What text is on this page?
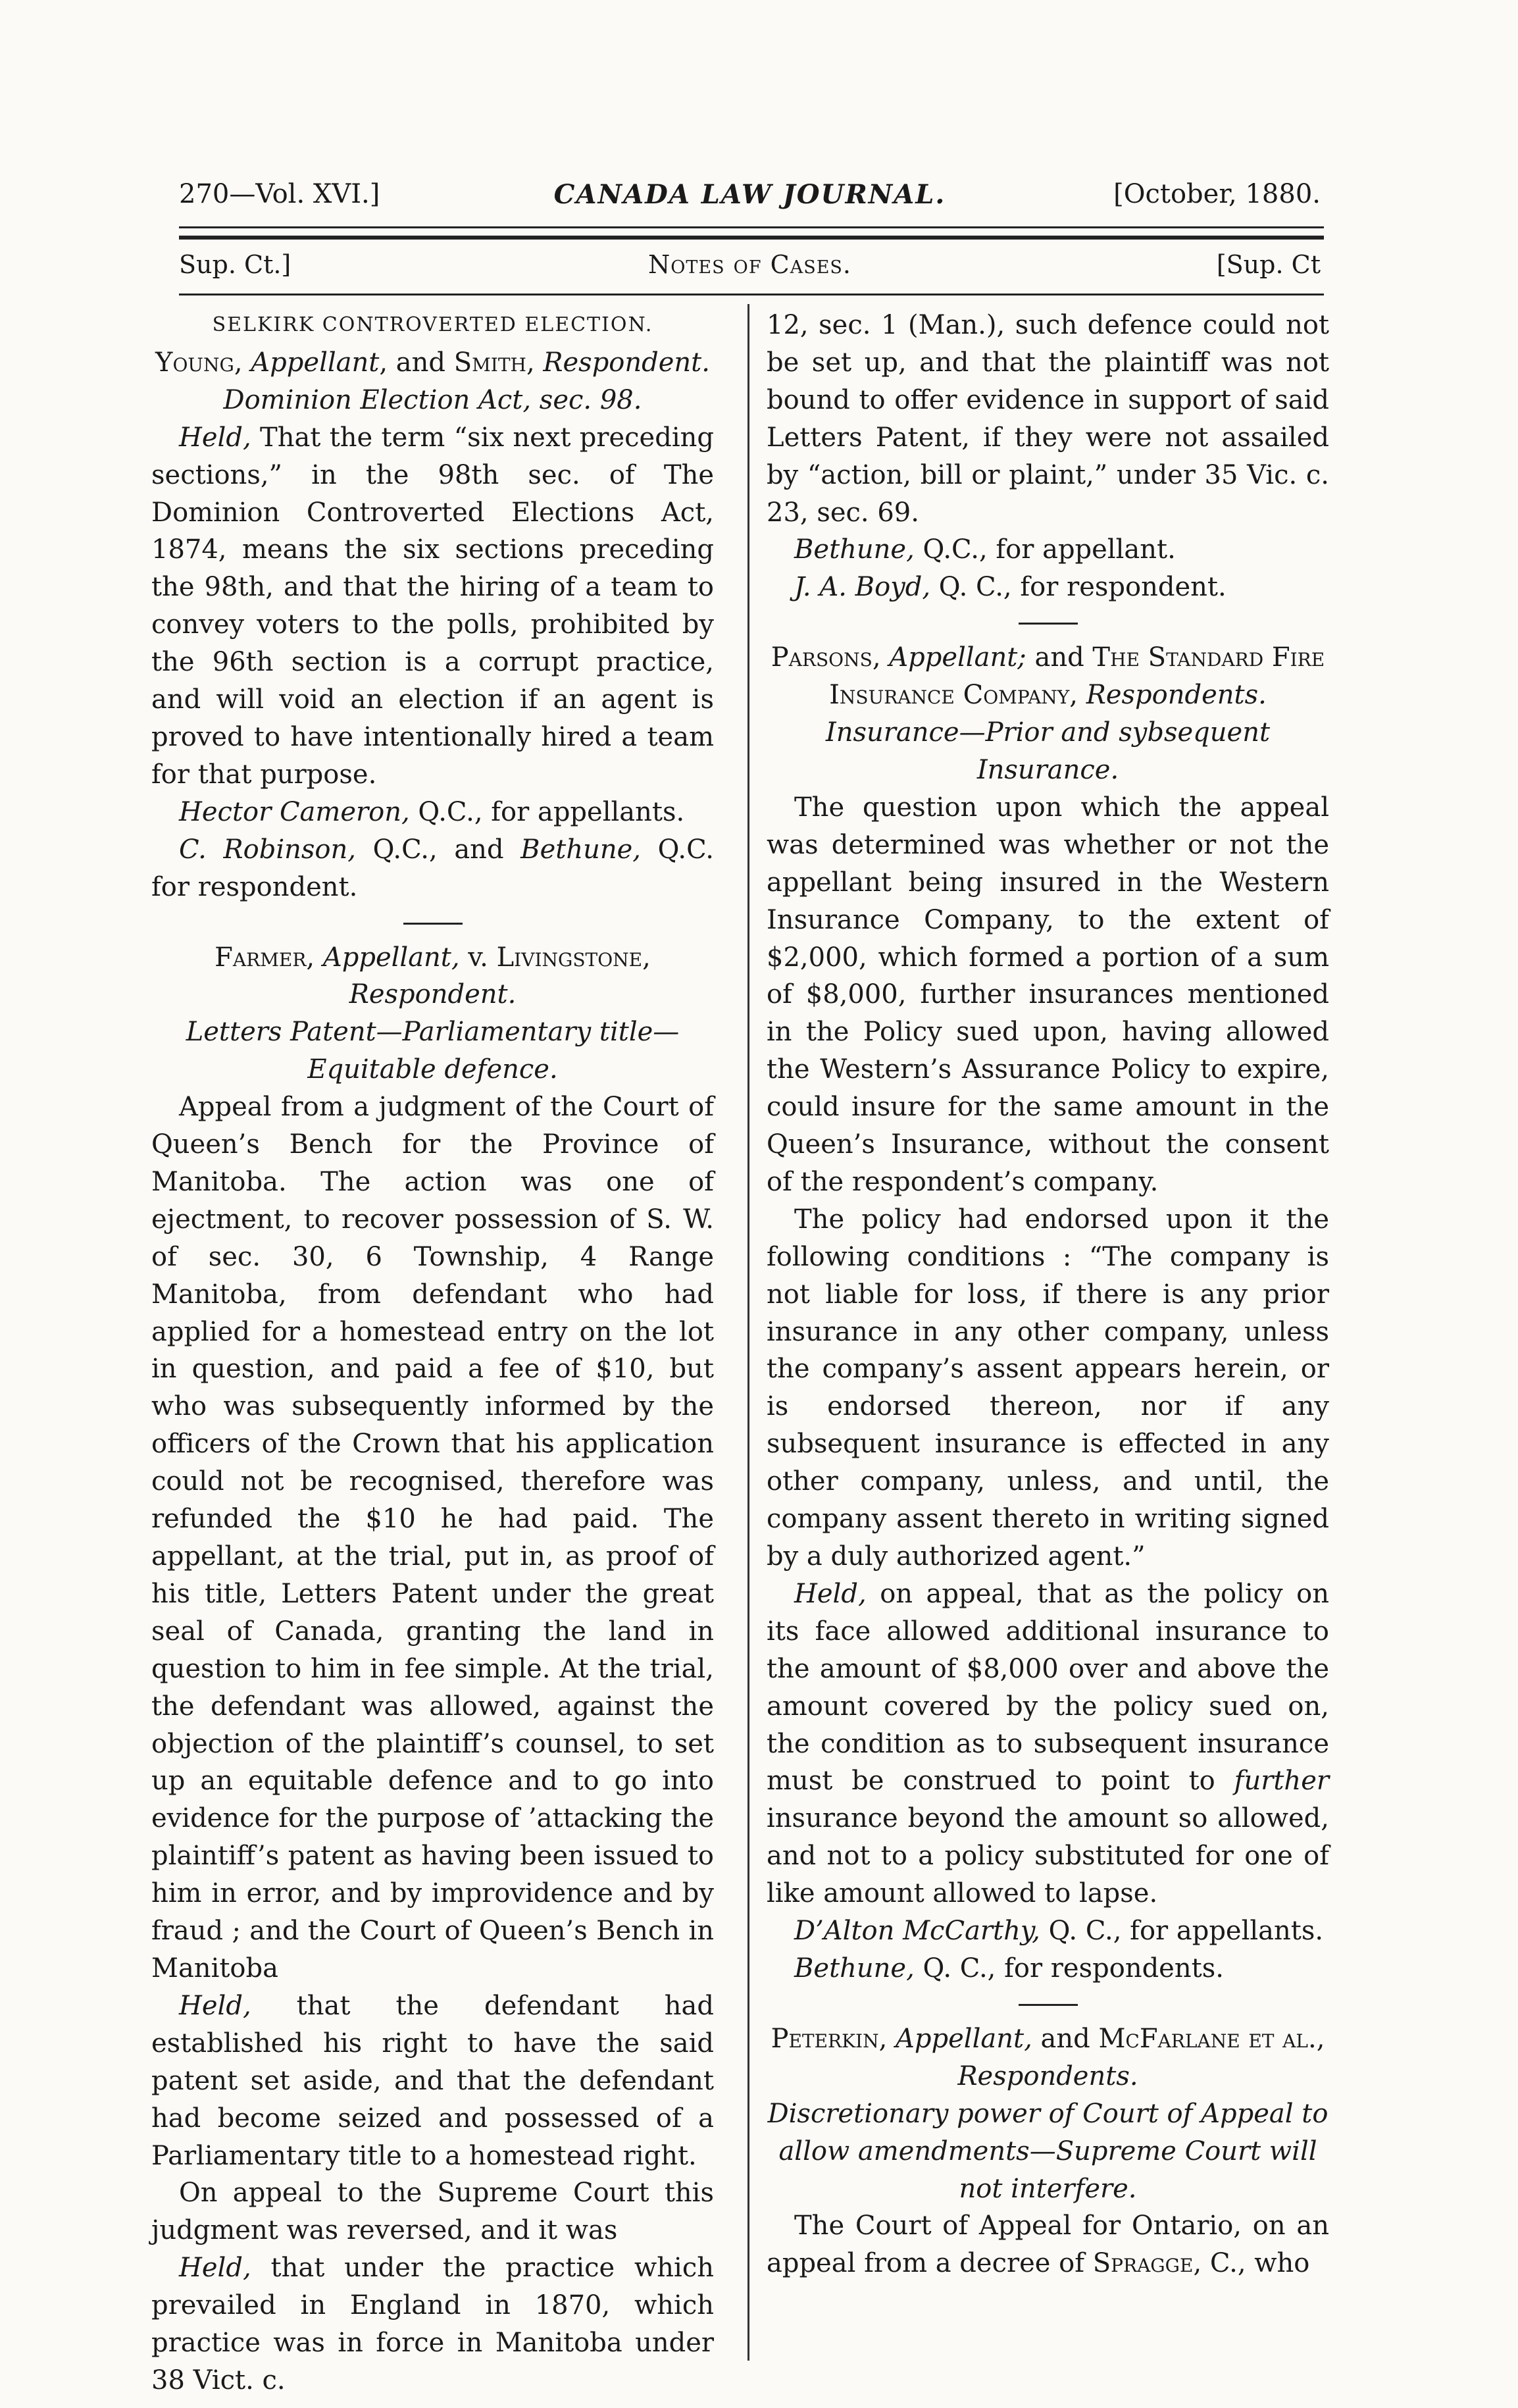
270—Vol. XVI.]	CANADA LAW JOURNAL.	[October, 1880.
Sup. Ct.]	Notes of Cases.	[Sup. Ct

SELKIRK CONTROVERTED ELECTION.

Young, Appellant, and Smith, Respondent.

Dominion Election Act, sec. 98.

Held, That the term “six next preceding sections,” in the 98th sec. of The Dominion Controverted Elections Act, 1874, means the six sections preceding the 98th, and that the hiring of a team to convey voters to the polls, prohibited by the 96th section is a corrupt practice, and will void an election if an agent is proved to have intentionally hired a team for that purpose.

Hector Cameron, Q.C., for appellants.

C. Robinson, Q.C., and Bethune, Q.C. for respondent.

Farmer, Appellant, v. Livingstone, Respondent.

Letters Patent—Parliamentary title—Equitable defence.

Appeal from a judgment of the Court of Queen’s Bench for the Province of Manitoba. The action was one of ejectment, to recover possession of S. W. of sec. 30, 6 Township, 4 Range Manitoba, from defendant who had applied for a homestead entry on the lot in question, and paid a fee of $10, but who was subsequently informed by the officers of the Crown that his application could not be recognised, therefore was refunded the $10 he had paid. The appellant, at the trial, put in, as proof of his title, Letters Patent under the great seal of Canada, granting the land in question to him in fee simple. At the trial, the defendant was allowed, against the objection of the plaintiff’s counsel, to set up an equitable defence and to go into evidence for the purpose of ’attacking the plaintiff’s patent as having been issued to him in error, and by improvidence and by fraud ; and the Court of Queen’s Bench in Manitoba

Held, that the defendant had established his right to have the said patent set aside, and that the defendant had become seized and possessed of a Parliamentary title to a homestead right.

On appeal to the Supreme Court this judgment was reversed, and it was

Held, that under the practice which prevailed in England in 1870, which practice was in force in Manitoba under 38 Vict. c.

12, sec. 1 (Man.), such defence could not be set up, and that the plaintiff was not bound to offer evidence in support of said Letters Patent, if they were not assailed by “action, bill or plaint,” under 35 Vic. c. 23, sec. 69.

Bethune, Q.C., for appellant.

J. A. Boyd, Q. C., for respondent.

Parsons, Appellant; and The Standard Fire Insurance Company, Respondents.

Insurance—Prior and sybsequent Insurance.

The question upon which the appeal was determined was whether or not the appellant being insured in the Western Insurance Company, to the extent of $2,000, which formed a portion of a sum of $8,000, further insurances mentioned in the Policy sued upon, having allowed the Western’s Assurance Policy to expire, could insure for the same amount in the Queen’s Insurance, without the consent of the respondent’s company.

The policy had endorsed upon it the following conditions : “The company is not liable for loss, if there is any prior insurance in any other company, unless the company’s assent appears herein, or is endorsed thereon, nor if any subsequent insurance is effected in any other company, unless, and until, the company assent thereto in writing signed by a duly authorized agent.”

Held, on appeal, that as the policy on its face allowed additional insurance to the amount of $8,000 over and above the amount covered by the policy sued on, the condition as to subsequent insurance must be construed to point to further insurance beyond the amount so allowed, and not to a policy substituted for one of like amount allowed to lapse.

D’Alton McCarthy, Q. C., for appellants.

Bethune, Q. C., for respondents.

Peterkin, Appellant, and McFarlane et al., Respondents.

Discretionary power of Court of Appeal to allow amendments—Supreme Court will not interfere.

The Court of Appeal for Ontario, on an appeal from a decree of Spragge, C., who
